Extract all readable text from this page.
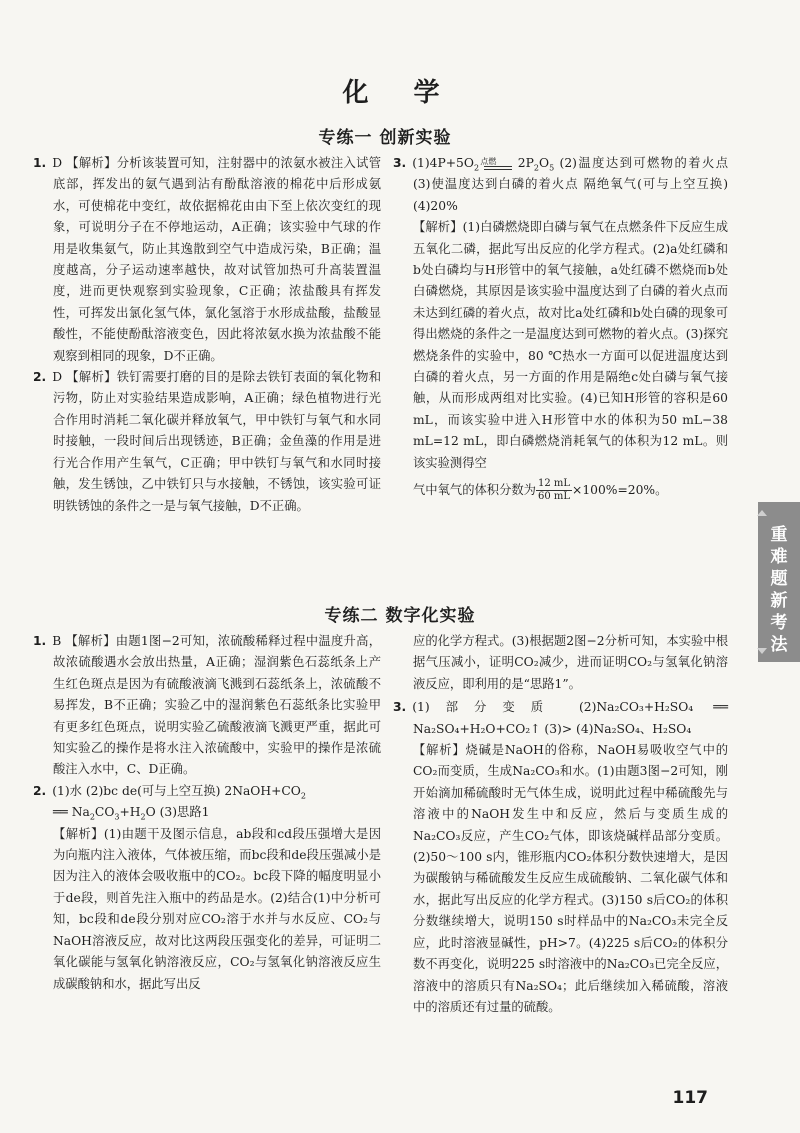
化 学
专练一 创新实验

1. D 【解析】分析该装置可知，注射器中的浓氨水被注入试管底部，挥发出的氨气遇到沾有酚酞溶液的棉花中后形成氨水，可使棉花中变红，故依据棉花由由下至上依次变红的现象，可说明分子在不停地运动，A正确；该实验中气球的作用是收集氨气，防止其逸散到空气中造成污染，B正确；温度越高，分子运动速率越快，故对试管加热可升高装置温度，进而更快观察到实验现象，C正确；浓盐酸具有挥发性，可挥发出氯化氢气体，氯化氢溶于水形成盐酸，盐酸显酸性，不能使酚酞溶液变色，因此将浓氨水换为浓盐酸不能观察到相同的现象，D不正确。

2. D 【解析】铁钉需要打磨的目的是除去铁钉表面的氧化物和污物，防止对实验结果造成影响，A正确；绿色植物进行光合作用时消耗二氧化碳并释放氧气，甲中铁钉与氧气和水同时接触，一段时间后出现锈迹，B正确；金鱼藻的作用是进行光合作用产生氧气，C正确；甲中铁钉与氧气和水同时接触，发生锈蚀，乙中铁钉只与水接触，不锈蚀，该实验可证明铁锈蚀的条件之一是与氧气接触，D不正确。

3. $(1)4P+5O_2$
点燃	$2P_2O_5$ (2)温度达到可燃物的着火点 (3)使温度达到白磷的着火点 隔绝氧气(可与上空互换) (4)20%

【解析】(1)白磷燃烧即白磷与氧气在点燃条件下反应生成五氧化二磷，据此写出反应的化学方程式。(2)a处红磷和b处白磷均与H形管中的氧气接触，a处红磷不燃烧而b处白磷燃烧，其原因是该实验中温度达到了白磷的着火点而未达到红磷的着火点，故对比a处红磷和b处白磷的现象可得出燃烧的条件之一是温度达到可燃物的着火点。(3)探究燃烧条件的实验中，80 ℃热水一方面可以促进温度达到白磷的着火点，另一方面的作用是隔绝c处白磷与氧气接触，从而形成两组对比实验。(4)已知H形管的容积是60 mL，而该实验中进入H形管中水的体积为50 mL−38 mL=12 mL，即白磷燃烧消耗氧气的体积为12 mL。则该实验测得空

气中氧气的体积分数为 $\frac{12 mL}{60 mL} \times 100\%=20\%$。

专练二 数字化实验

1. B 【解析】由题1图−2可知，浓硫酸稀释过程中温度升高，故浓硫酸遇水会放出热量，A正确；湿润紫色石蕊纸条上产生红色斑点是因为有硫酸液滴飞溅到石蕊纸条上，浓硫酸不易挥发，B不正确；实验乙中的湿润紫色石蕊纸条比实验甲有更多红色斑点，说明实验乙硫酸液滴飞溅更严重，据此可知实验乙的操作是将水注入浓硫酸中，实验甲的操作是浓硫酸注入水中，C、D正确。

2. (1)水 (2)bc de(可与上空互换) $2NaOH+CO_2$
══ $Na_2CO_3+H_2O$ (3)思路1

【解析】(1)由题干及图示信息，ab段和cd段压强增大是因为向瓶内注入液体，气体被压缩，而bc段和de段压强减小是因为注入的液体会吸收瓶中的CO₂。bc段下降的幅度明显小于de段，则首先注入瓶中的药品是水。(2)结合(1)中分析可知，bc段和de段分别对应CO₂溶于水并与水反应、CO₂与NaOH溶液反应，故对比这两段压强变化的差异，可证明二氧化碳能与氢氧化钠溶液反应，CO₂与氢氧化钠溶液反应生成碳酸钠和水，据此写出反

应的化学方程式。(3)根据题2图−2分析可知，本实验中根据气压减小，证明CO₂减少，进而证明CO₂与氢氧化钠溶液反应，即利用的是“思路1”。

3. (1)部分变质 (2)Na₂CO₃+H₂SO₄ ══ Na₂SO₄+H₂O+CO₂↑ (3)> (4)Na₂SO₄、H₂SO₄

【解析】烧碱是NaOH的俗称，NaOH易吸收空气中的CO₂而变质，生成Na₂CO₃和水。(1)由题3图−2可知，刚开始滴加稀硫酸时无气体生成，说明此过程中稀硫酸先与溶液中的NaOH发生中和反应，然后与变质生成的Na₂CO₃反应，产生CO₂气体，即该烧碱样品部分变质。(2)50～100 s内，锥形瓶内CO₂体积分数快速增大，是因为碳酸钠与稀硫酸发生反应生成硫酸钠、二氧化碳气体和水，据此写出反应的化学方程式。(3)150 s后CO₂的体积分数继续增大，说明150 s时样品中的Na₂CO₃未完全反应，此时溶液显碱性，pH>7。(4)225 s后CO₂的体积分数不再变化，说明225 s时溶液中的Na₂CO₃已完全反应，溶液中的溶质只有Na₂SO₄；此后继续加入稀硫酸，溶液中的溶质还有过量的硫酸。

重难题新考法
117
